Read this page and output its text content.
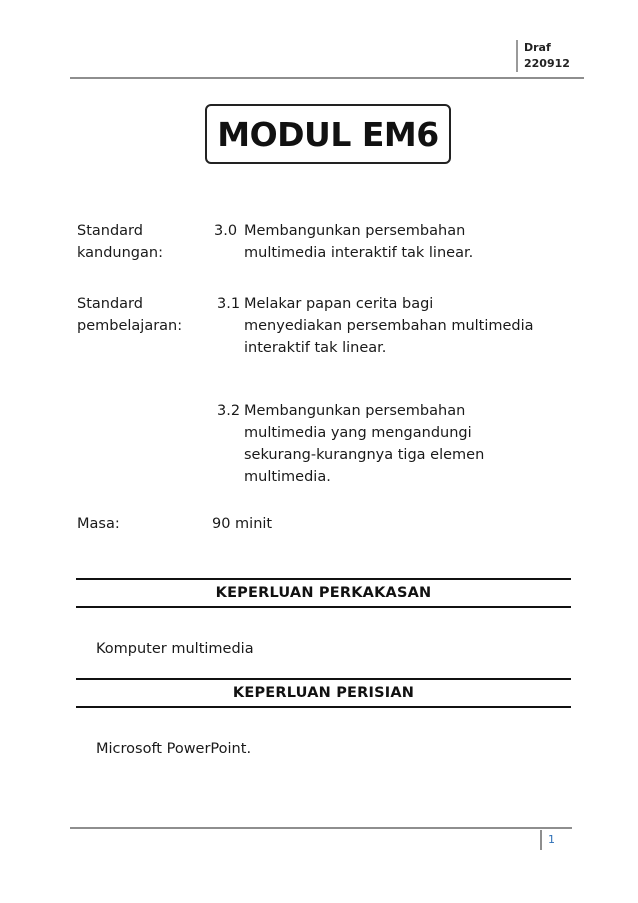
Draf
220912
MODUL EM6
Standard
kandungan:
3.0 Membangunkan persembahan
multimedia interaktif tak linear.
Standard
pembelajaran:
3.1 Melakar papan cerita bagi
menyediakan persembahan multimedia
interaktif tak linear.
3.2 Membangunkan persembahan
multimedia yang mengandungi
sekurang-kurangnya tiga elemen
multimedia.
Masa:	90 minit
KEPERLUAN PERKAKASAN
Komputer multimedia
KEPERLUAN PERISIAN
Microsoft PowerPoint.
1
